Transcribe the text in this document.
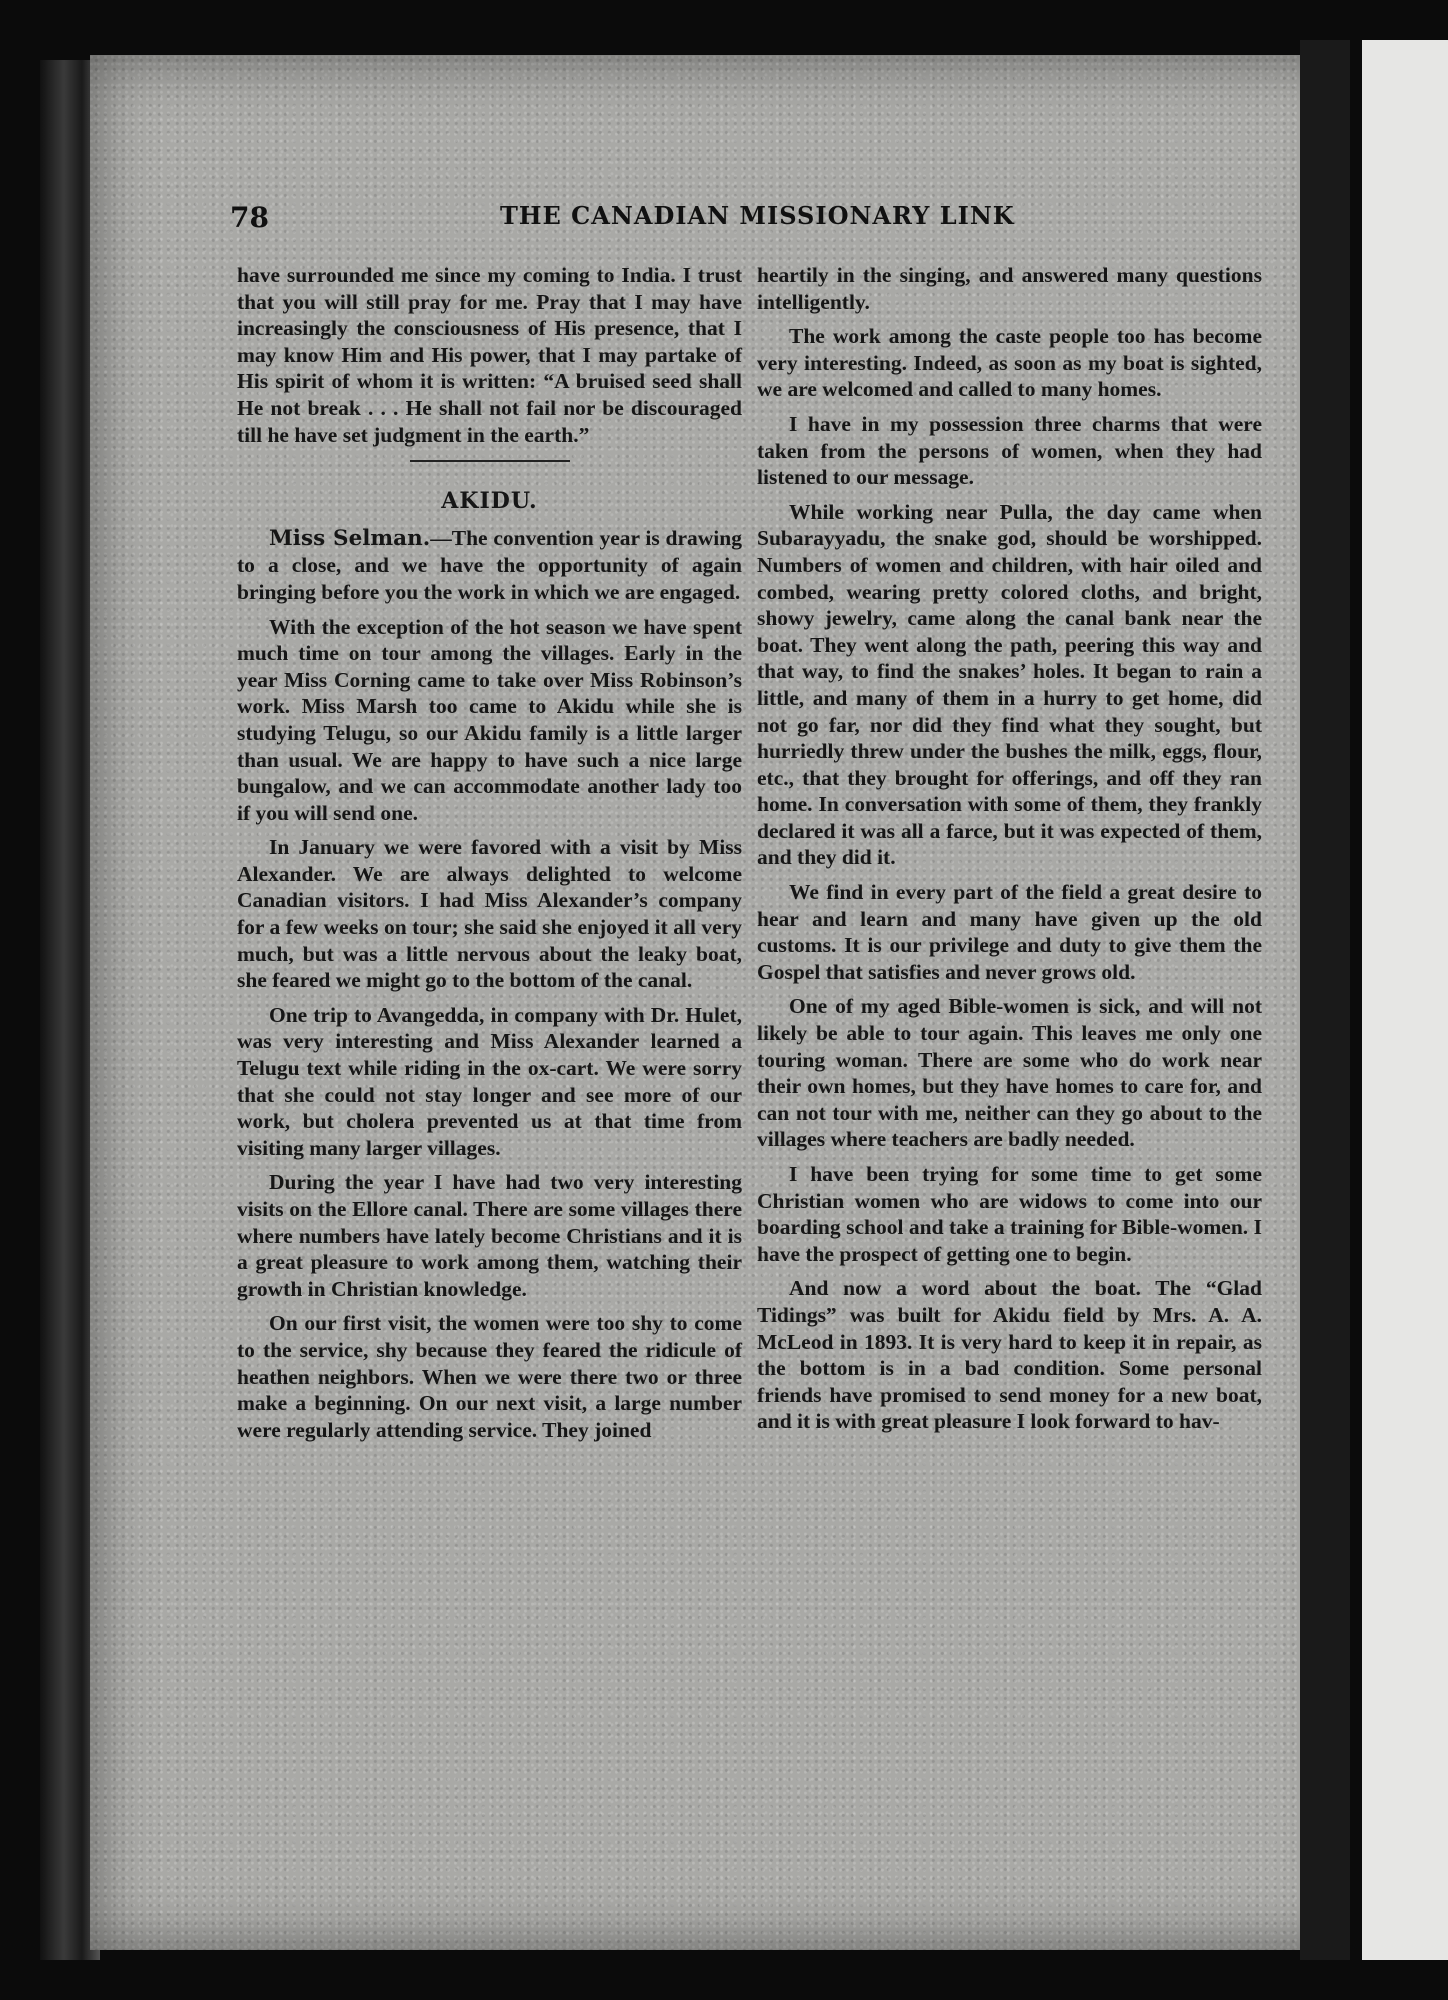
78	THE CANADIAN MISSIONARY LINK

have surrounded me since my coming to India. I trust that you will still pray for me. Pray that I may have increasingly the consciousness of His presence, that I may know Him and His power, that I may partake of His spirit of whom it is written: “A bruised seed shall He not break . . . He shall not fail nor be discouraged till he have set judgment in the earth.”

AKIDU.

Miss Selman.—The convention year is drawing to a close, and we have the opportunity of again bringing before you the work in which we are engaged.

With the exception of the hot season we have spent much time on tour among the villages. Early in the year Miss Corning came to take over Miss Robinson’s work. Miss Marsh too came to Akidu while she is studying Telugu, so our Akidu family is a little larger than usual. We are happy to have such a nice large bungalow, and we can accommodate another lady too if you will send one.

In January we were favored with a visit by Miss Alexander. We are always delighted to welcome Canadian visitors. I had Miss Alexander’s company for a few weeks on tour; she said she enjoyed it all very much, but was a little nervous about the leaky boat, she feared we might go to the bottom of the canal.

One trip to Avangedda, in company with Dr. Hulet, was very interesting and Miss Alexander learned a Telugu text while riding in the ox-cart. We were sorry that she could not stay longer and see more of our work, but cholera prevented us at that time from visiting many larger villages.

During the year I have had two very interesting visits on the Ellore canal. There are some villages there where numbers have lately become Christians and it is a great pleasure to work among them, watching their growth in Christian knowledge.

On our first visit, the women were too shy to come to the service, shy because they feared the ridicule of heathen neighbors. When we were there two or three make a beginning. On our next visit, a large number were regularly attending service. They joined

heartily in the singing, and answered many questions intelligently.

The work among the caste people too has become very interesting. Indeed, as soon as my boat is sighted, we are welcomed and called to many homes.

I have in my possession three charms that were taken from the persons of women, when they had listened to our message.

While working near Pulla, the day came when Subarayyadu, the snake god, should be worshipped. Numbers of women and children, with hair oiled and combed, wearing pretty colored cloths, and bright, showy jewelry, came along the canal bank near the boat. They went along the path, peering this way and that way, to find the snakes’ holes. It began to rain a little, and many of them in a hurry to get home, did not go far, nor did they find what they sought, but hurriedly threw under the bushes the milk, eggs, flour, etc., that they brought for offerings, and off they ran home. In conversation with some of them, they frankly declared it was all a farce, but it was expected of them, and they did it.

We find in every part of the field a great desire to hear and learn and many have given up the old customs. It is our privilege and duty to give them the Gospel that satisfies and never grows old.

One of my aged Bible-women is sick, and will not likely be able to tour again. This leaves me only one touring woman. There are some who do work near their own homes, but they have homes to care for, and can not tour with me, neither can they go about to the villages where teachers are badly needed.

I have been trying for some time to get some Christian women who are widows to come into our boarding school and take a training for Bible-women. I have the prospect of getting one to begin.

And now a word about the boat. The “Glad Tidings” was built for Akidu field by Mrs. A. A. McLeod in 1893. It is very hard to keep it in repair, as the bottom is in a bad condition. Some personal friends have promised to send money for a new boat, and it is with great pleasure I look forward to hav-
